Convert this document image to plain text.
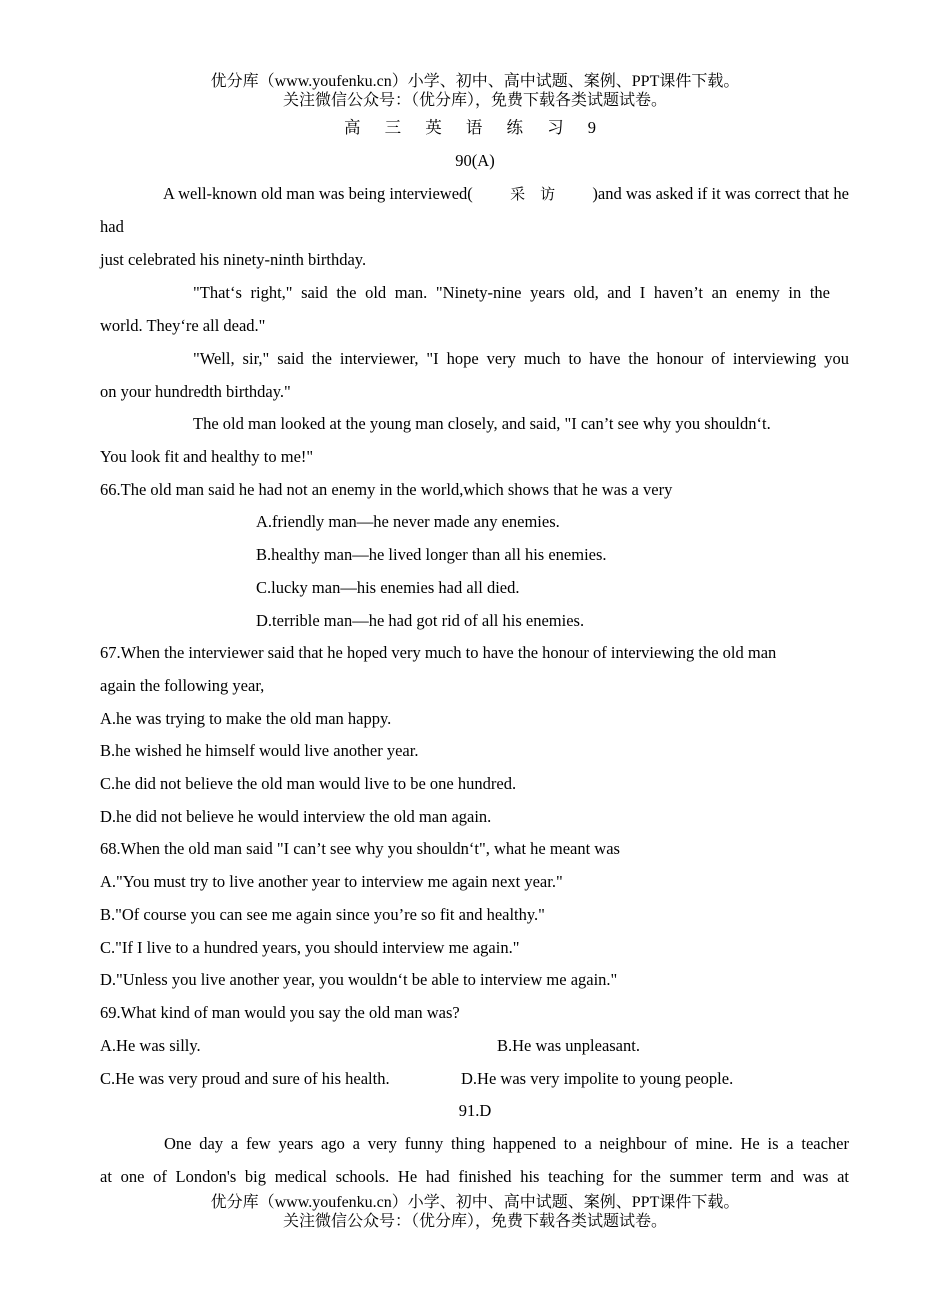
优分库（www.youfenku.cn）小学、初中、高中试题、案例、PPT课件下载。

关注微信公众号：（优分库），免费下载各类试题试卷。

高 三 英 语 练 习 9

90(A)

A well-known old man was being interviewed( 采　访 )and was asked if it was correct that he

had

just celebrated his ninety-ninth birthday.

"That‘s right," said the old man. "Ninety-nine years old, and I haven’t an enemy in the

world. They‘re all dead."

"Well, sir," said the interviewer, "I hope very much to have the honour of interviewing you

on your hundredth birthday."

The old man looked at the young man closely, and said, "I can’t see why you shouldn‘t.

You look fit and healthy to me!"

66.The old man said he had not an enemy in the world,which shows that he was a very

A.friendly man—he never made any enemies.

B.healthy man—he lived longer than all his enemies.

C.lucky man—his enemies had all died.

D.terrible man—he had got rid of all his enemies.

67.When the interviewer said that he hoped very much to have the honour of interviewing the old man

again the following year,

A.he was trying to make the old man happy.

B.he wished he himself would live another year.

C.he did not believe the old man would live to be one hundred.

D.he did not believe he would interview the old man again.

68.When the old man said "I can’t see why you shouldn‘t", what he meant was

A."You must try to live another year to interview me again next year."

B."Of course you can see me again since you’re so fit and healthy."

C."If I live to a hundred years, you should interview me again."

D."Unless you live another year, you wouldn‘t be able to interview me again."

69.What kind of man would you say the old man was?

A.He was silly.	B.He was unpleasant.

C.He was very proud and sure of his health.	D.He was very impolite to young people.

91.D

One day a few years ago a very funny thing happened to a neighbour of mine. He is a teacher

at one of London's big medical schools. He had finished his teaching for the summer term and was at

优分库（www.youfenku.cn）小学、初中、高中试题、案例、PPT课件下载。

关注微信公众号：（优分库），免费下载各类试题试卷。
